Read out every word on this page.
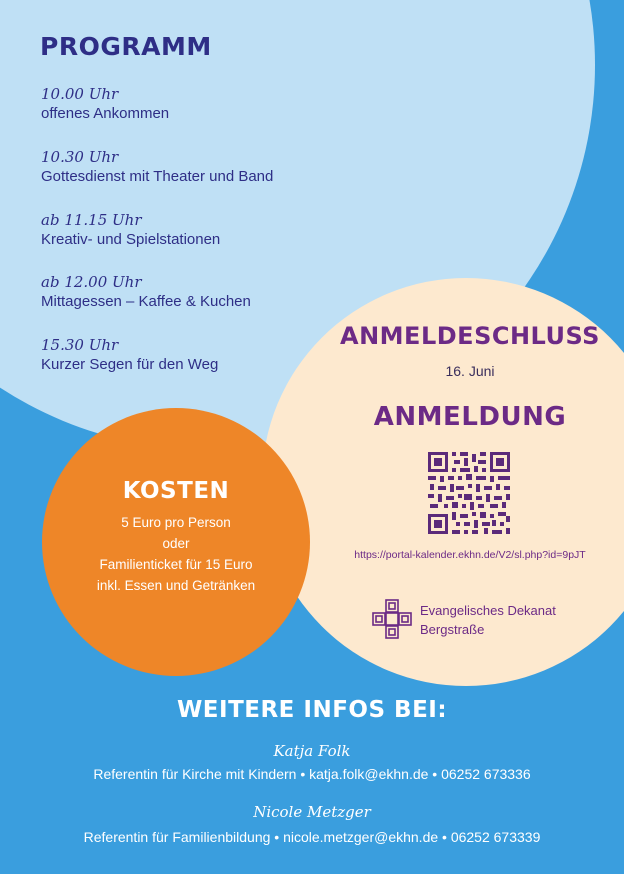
PROGRAMM
10.00 Uhr
offenes Ankommen
10.30 Uhr
Gottesdienst mit Theater und Band
ab 11.15 Uhr
Kreativ- und Spielstationen
ab 12.00 Uhr
Mittagessen – Kaffee & Kuchen
15.30 Uhr
Kurzer Segen für den Weg
ANMELDESCHLUSS
16. Juni
ANMELDUNG
https://portal-kalender.ekhn.de/V2/sl.php?id=9pJT
Evangelisches Dekanat
Bergstraße
KOSTEN
5 Euro pro Person
oder
Familienticket für 15 Euro
inkl. Essen und Getränken
WEITERE INFOS BEI:
Katja Folk
Referentin für Kirche mit Kindern • katja.folk@ekhn.de • 06252 673336
Nicole Metzger
Referentin für Familienbildung • nicole.metzger@ekhn.de • 06252 673339
